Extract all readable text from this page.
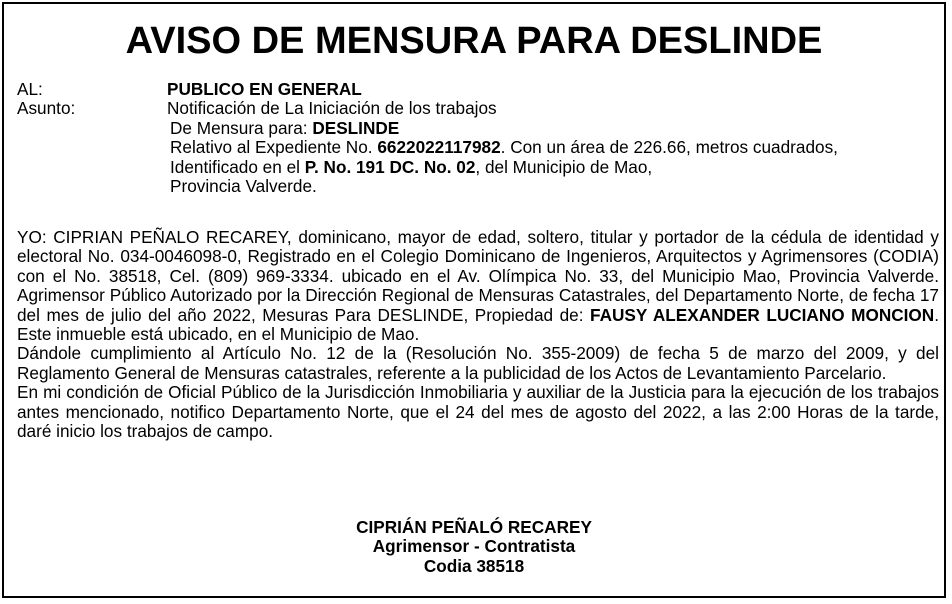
AVISO DE MENSURA PARA DESLINDE
AL:	PUBLICO EN GENERAL
Asunto:	Notificación de La Iniciación de los trabajos
De Mensura para: DESLINDE
Relativo al Expediente No. 6622022117982. Con un área de 226.66, metros cuadrados,
Identificado en el P. No. 191 DC. No. 02, del Municipio de Mao,
Provincia Valverde.

YO: CIPRIAN PEÑALO RECAREY, dominicano, mayor de edad, soltero, titular y portador de la cédula de identidad y electoral No. 034-0046098-0, Registrado en el Colegio Dominicano de Ingenieros, Arquitectos y Agrimensores (CODIA) con el No. 38518, Cel. (809) 969-3334. ubicado en el Av. Olímpica No. 33, del Municipio Mao, Provincia Valverde. Agrimensor Público Autorizado por la Dirección Regional de Mensuras Catastrales, del Departamento Norte, de fecha 17 del mes de julio del año 2022, Mesuras Para DESLINDE, Propiedad de: FAUSY ALEXANDER LUCIANO MONCION. Este inmueble está ubicado, en el Municipio de Mao.

Dándole cumplimiento al Artículo No. 12 de la (Resolución No. 355-2009) de fecha 5 de marzo del 2009, y del Reglamento General de Mensuras catastrales, referente a la publicidad de los Actos de Levantamiento Parcelario.

En mi condición de Oficial Público de la Jurisdicción Inmobiliaria y auxiliar de la Justicia para la ejecución de los trabajos antes mencionado, notifico Departamento Norte, que el 24 del mes de agosto del 2022, a las 2:00 Horas de la tarde, daré inicio los trabajos de campo.

CIPRIÁN PEÑALÓ RECAREY
Agrimensor - Contratista
Codia 38518
